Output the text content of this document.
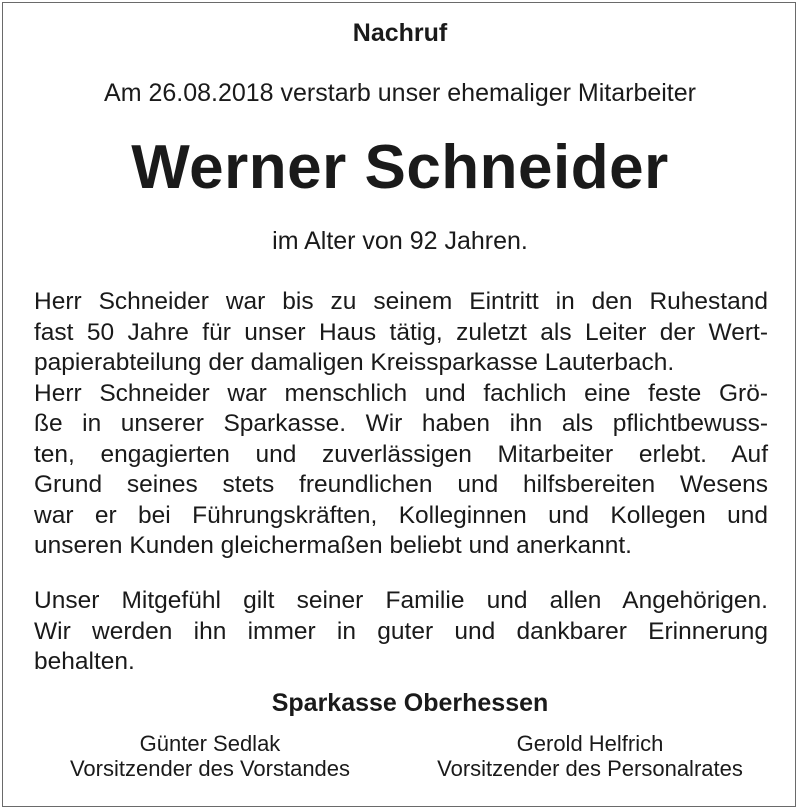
Nachruf
Am 26.08.2018 verstarb unser ehemaliger Mitarbeiter
Werner Schneider
im Alter von 92 Jahren.

Herr Schneider war bis zu seinem Eintritt in den Ruhestand
fast 50 Jahre für unser Haus tätig, zuletzt als Leiter der Wert-
papierabteilung der damaligen Kreissparkasse Lauterbach.
Herr Schneider war menschlich und fachlich eine feste Grö-
ße in unserer Sparkasse. Wir haben ihn als pflichtbewuss-
ten, engagierten und zuverlässigen Mitarbeiter erlebt. Auf
Grund seines stets freundlichen und hilfsbereiten Wesens
war er bei Führungskräften, Kolleginnen und Kollegen und
unseren Kunden gleichermaßen beliebt und anerkannt.

Unser Mitgefühl gilt seiner Familie und allen Angehörigen.
Wir werden ihn immer in guter und dankbarer Erinnerung
behalten.

Sparkasse Oberhessen
Günter Sedlak
Vorsitzender des Vorstandes
Gerold Helfrich
Vorsitzender des Personalrates
